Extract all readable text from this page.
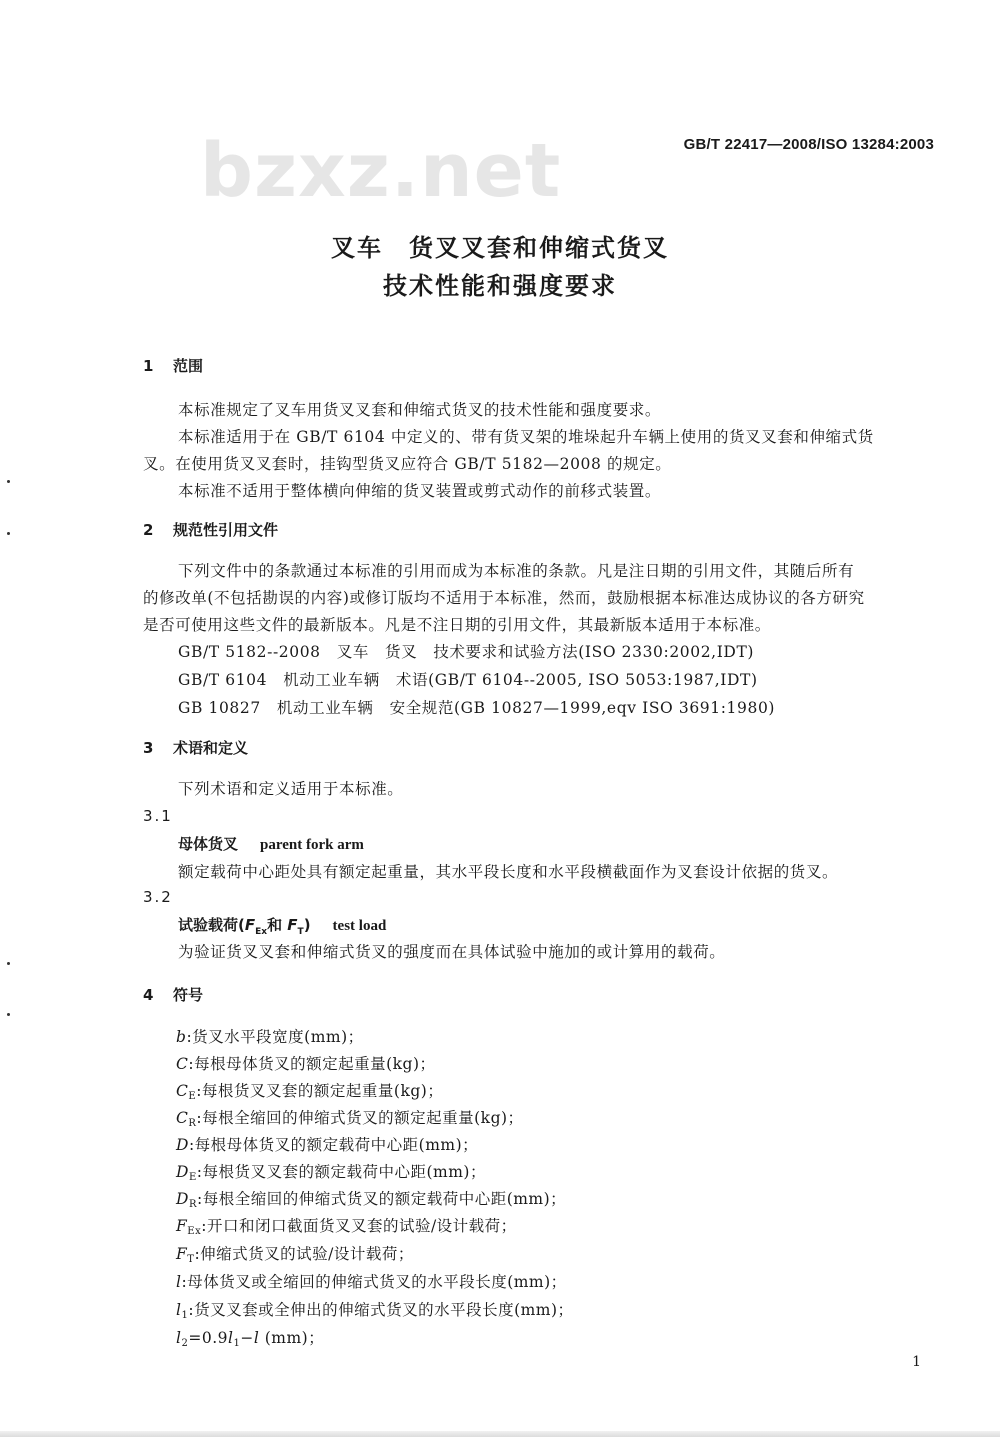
bzxz.net	GB/T 22417—2008/ISO 13284:2003
叉车　货叉叉套和伸缩式货叉
技术性能和强度要求
1 范围
本标准规定了叉车用货叉叉套和伸缩式货叉的技术性能和强度要求。
本标准适用于在 GB/T 6104 中定义的、带有货叉架的堆垛起升车辆上使用的货叉叉套和伸缩式货
叉。在使用货叉叉套时，挂钩型货叉应符合 GB/T 5182—2008 的规定。
本标准不适用于整体横向伸缩的货叉装置或剪式动作的前移式装置。
2 规范性引用文件
下列文件中的条款通过本标准的引用而成为本标准的条款。凡是注日期的引用文件，其随后所有
的修改单(不包括勘误的内容)或修订版均不适用于本标准，然而，鼓励根据本标准达成协议的各方研究
是否可使用这些文件的最新版本。凡是不注日期的引用文件，其最新版本适用于本标准。
GB/T 5182--2008　叉车　货叉　技术要求和试验方法(ISO 2330:2002,IDT)
GB/T 6104　机动工业车辆　术语(GB/T 6104--2005, ISO 5053:1987,IDT)
GB 10827　机动工业车辆　安全规范(GB 10827—1999,eqv ISO 3691:1980)
3 术语和定义
下列术语和定义适用于本标准。
3.1
母体货叉 parent fork arm
额定载荷中心距处具有额定起重量，其水平段长度和水平段横截面作为叉套设计依据的货叉。
3.2
试验载荷($F_{Ex}$和 $F_T$) test load
为验证货叉叉套和伸缩式货叉的强度而在具体试验中施加的或计算用的载荷。
4 符号
b:货叉水平段宽度(mm)；
C:每根母体货叉的额定起重量(kg)；
$C_E$:每根货叉叉套的额定起重量(kg)；
$C_R$:每根全缩回的伸缩式货叉的额定起重量(kg)；
D:每根母体货叉的额定载荷中心距(mm)；
$D_E$:每根货叉叉套的额定载荷中心距(mm)；
$D_R$:每根全缩回的伸缩式货叉的额定载荷中心距(mm)；
$F_{Ex}$:开口和闭口截面货叉叉套的试验/设计载荷；
$F_T$:伸缩式货叉的试验/设计载荷；
l:母体货叉或全缩回的伸缩式货叉的水平段长度(mm)；
$l_1$:货叉叉套或全伸出的伸缩式货叉的水平段长度(mm)；
$l_2=0.9l_1-l$ (mm)；
1
